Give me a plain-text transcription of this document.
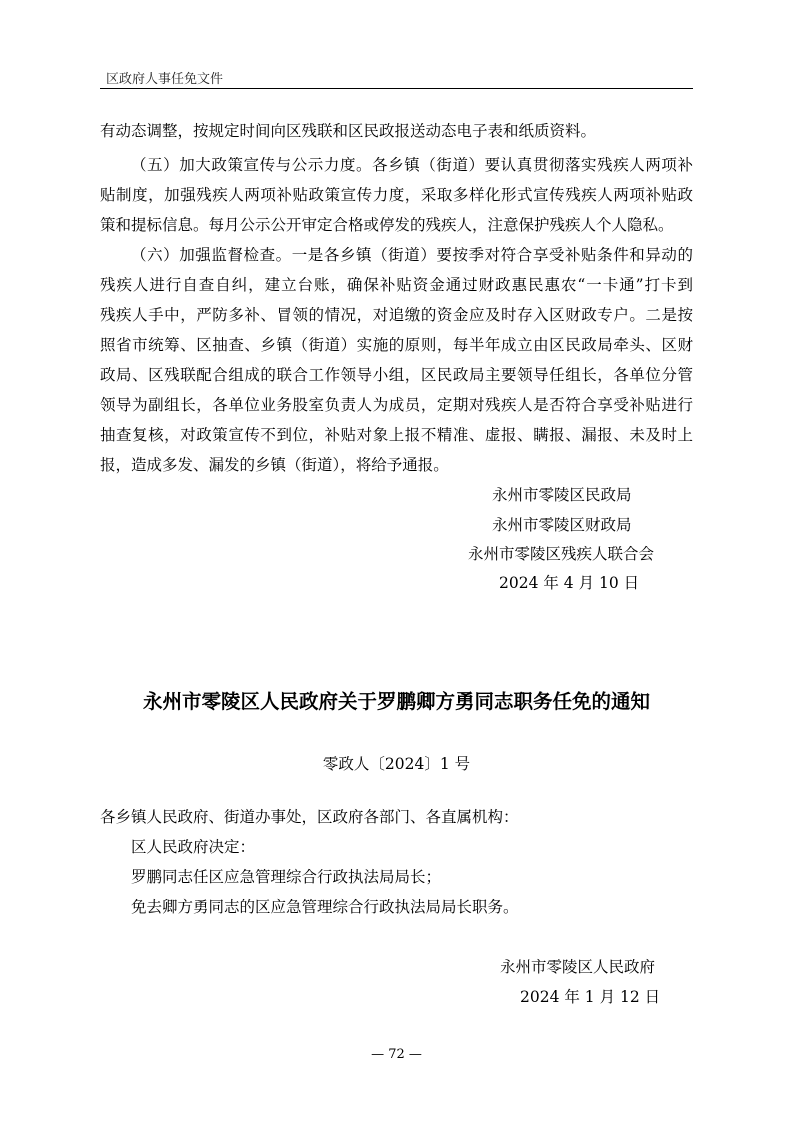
区政府人事任免文件
有动态调整，按规定时间向区残联和区民政报送动态电子表和纸质资料。
（五）加大政策宣传与公示力度。各乡镇（街道）要认真贯彻落实残疾人两项补
贴制度，加强残疾人两项补贴政策宣传力度，采取多样化形式宣传残疾人两项补贴政
策和提标信息。每月公示公开审定合格或停发的残疾人，注意保护残疾人个人隐私。
（六）加强监督检查。一是各乡镇（街道）要按季对符合享受补贴条件和异动的
残疾人进行自查自纠，建立台账，确保补贴资金通过财政惠民惠农“一卡通”打卡到
残疾人手中，严防多补、冒领的情况，对追缴的资金应及时存入区财政专户。二是按
照省市统筹、区抽查、乡镇（街道）实施的原则，每半年成立由区民政局牵头、区财
政局、区残联配合组成的联合工作领导小组，区民政局主要领导任组长，各单位分管
领导为副组长，各单位业务股室负责人为成员，定期对残疾人是否符合享受补贴进行
抽查复核，对政策宣传不到位，补贴对象上报不精准、虚报、瞒报、漏报、未及时上
报，造成多发、漏发的乡镇（街道），将给予通报。
永州市零陵区民政局
永州市零陵区财政局
永州市零陵区残疾人联合会
2024 年 4 月 10 日
永州市零陵区人民政府关于罗鹏卿方勇同志职务任免的通知
零政人〔2024〕1 号
各乡镇人民政府、街道办事处，区政府各部门、各直属机构：
区人民政府决定：
罗鹏同志任区应急管理综合行政执法局局长；
免去卿方勇同志的区应急管理综合行政执法局局长职务。
永州市零陵区人民政府
2024 年 1 月 12 日
— 72 —
